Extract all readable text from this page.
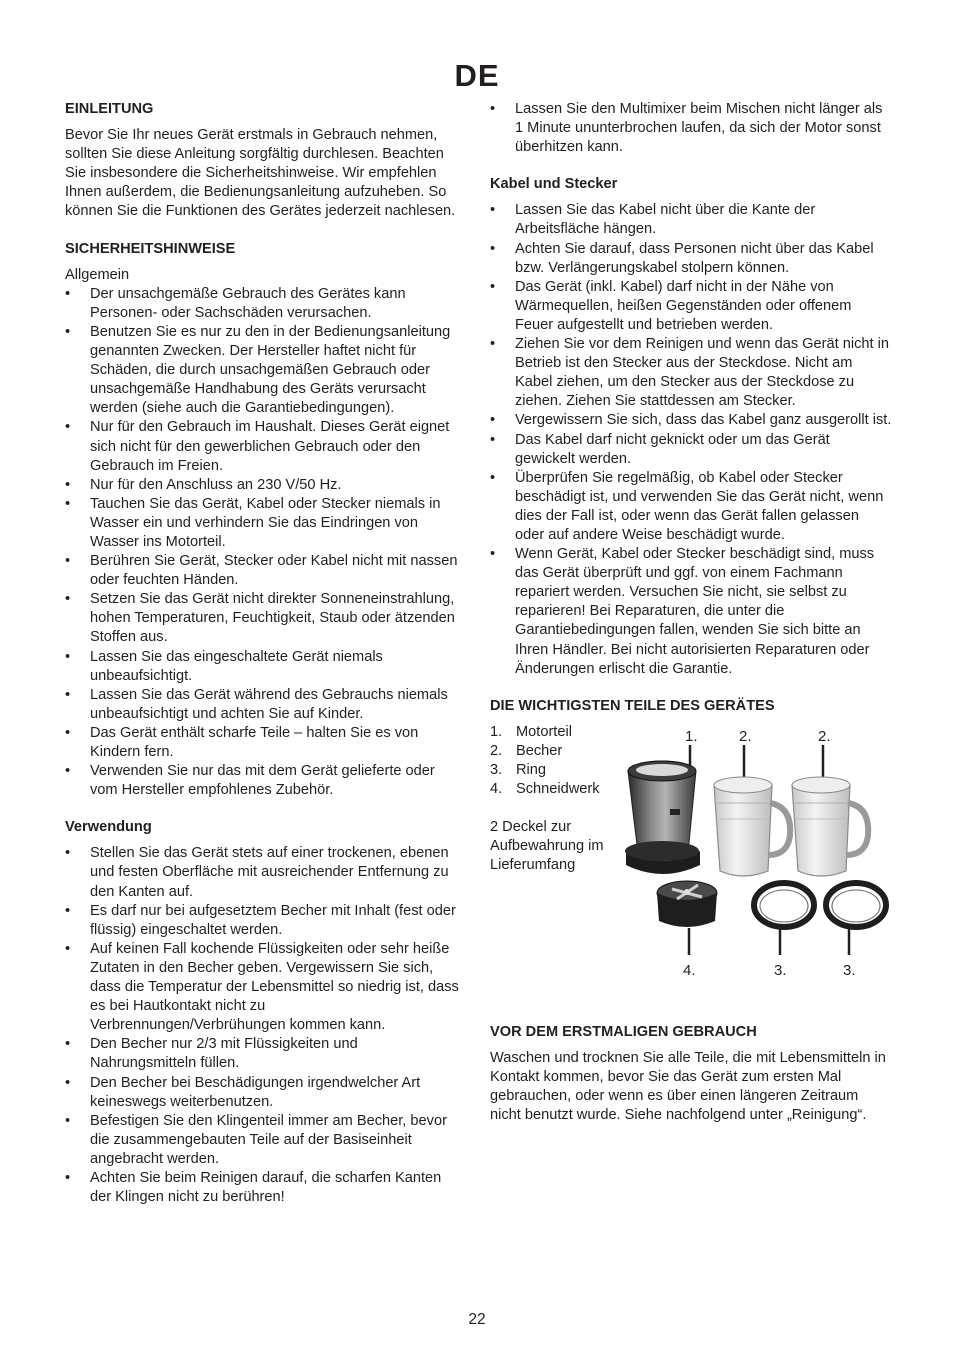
DE
EINLEITUNG

Bevor Sie Ihr neues Gerät erstmals in Gebrauch nehmen, sollten Sie diese Anleitung sorgfältig durchlesen. Beachten Sie insbesondere die Sicherheitshinweise. Wir empfehlen Ihnen außerdem, die Bedienungsanleitung aufzuheben. So können Sie die Funktionen des Gerätes jederzeit nachlesen.

SICHERHEITSHINWEISE

Allgemein

• Der unsachgemäße Gebrauch des Gerätes kann Personen- oder Sachschäden verursachen.
• Benutzen Sie es nur zu den in der Bedienungsanleitung genannten Zwecken. Der Hersteller haftet nicht für Schäden, die durch unsachgemäßen Gebrauch oder unsachgemäße Handhabung des Geräts verursacht werden (siehe auch die Garantiebedingungen).
• Nur für den Gebrauch im Haushalt. Dieses Gerät eignet sich nicht für den gewerblichen Gebrauch oder den Gebrauch im Freien.
• Nur für den Anschluss an 230 V/50 Hz.
• Tauchen Sie das Gerät, Kabel oder Stecker niemals in Wasser ein und verhindern Sie das Eindringen von Wasser ins Motorteil.
• Berühren Sie Gerät, Stecker oder Kabel nicht mit nassen oder feuchten Händen.
• Setzen Sie das Gerät nicht direkter Sonneneinstrahlung, hohen Temperaturen, Feuchtigkeit, Staub oder ätzenden Stoffen aus.
• Lassen Sie das eingeschaltete Gerät niemals unbeaufsichtigt.
• Lassen Sie das Gerät während des Gebrauchs niemals unbeaufsichtigt und achten Sie auf Kinder.
• Das Gerät enthält scharfe Teile – halten Sie es von Kindern fern.
• Verwenden Sie nur das mit dem Gerät gelieferte oder vom Hersteller empfohlenes Zubehör.
Verwendung
• Stellen Sie das Gerät stets auf einer trockenen, ebenen und festen Oberfläche mit ausreichender Entfernung zu den Kanten auf.
• Es darf nur bei aufgesetztem Becher mit Inhalt (fest oder flüssig) eingeschaltet werden.
• Auf keinen Fall kochende Flüssigkeiten oder sehr heiße Zutaten in den Becher geben. Vergewissern Sie sich, dass die Temperatur der Lebensmittel so niedrig ist, dass es bei Hautkontakt nicht zu Verbrennungen/Verbrühungen kommen kann.
• Den Becher nur 2/3 mit Flüssigkeiten und Nahrungsmitteln füllen.
• Den Becher bei Beschädigungen irgendwelcher Art keineswegs weiterbenutzen.
• Befestigen Sie den Klingenteil immer am Becher, bevor die zusammengebauten Teile auf der Basiseinheit angebracht werden.
• Achten Sie beim Reinigen darauf, die scharfen Kanten der Klingen nicht zu berühren!
• Lassen Sie den Multimixer beim Mischen nicht länger als 1 Minute ununterbrochen laufen, da sich der Motor sonst überhitzen kann.
Kabel und Stecker
• Lassen Sie das Kabel nicht über die Kante der Arbeitsfläche hängen.
• Achten Sie darauf, dass Personen nicht über das Kabel bzw. Verlängerungskabel stolpern können.
• Das Gerät (inkl. Kabel) darf nicht in der Nähe von Wärmequellen, heißen Gegenständen oder offenem Feuer aufgestellt und betrieben werden.
• Ziehen Sie vor dem Reinigen und wenn das Gerät nicht in Betrieb ist den Stecker aus der Steckdose. Nicht am Kabel ziehen, um den Stecker aus der Steckdose zu ziehen. Ziehen Sie stattdessen am Stecker.
• Vergewissern Sie sich, dass das Kabel ganz ausgerollt ist.
• Das Kabel darf nicht geknickt oder um das Gerät gewickelt werden.
• Überprüfen Sie regelmäßig, ob Kabel oder Stecker beschädigt ist, und verwenden Sie das Gerät nicht, wenn dies der Fall ist, oder wenn das Gerät fallen gelassen oder auf andere Weise beschädigt wurde.
• Wenn Gerät, Kabel oder Stecker beschädigt sind, muss das Gerät überprüft und ggf. von einem Fachmann repariert werden. Versuchen Sie nicht, sie selbst zu reparieren! Bei Reparaturen, die unter die Garantiebedingungen fallen, wenden Sie sich bitte an Ihren Händler. Bei nicht autorisierten Reparaturen oder Änderungen erlischt die Garantie.
DIE WICHTIGSTEN TEILE DES GERÄTES
1. Motorteil
2. Becher
3. Ring
4. Schneidwerk

2 Deckel zur Aufbewahrung im Lieferumfang

1.	2.	2.
4.	3.	3.
VOR DEM ERSTMALIGEN GEBRAUCH

Waschen und trocknen Sie alle Teile, die mit Lebensmitteln in Kontakt kommen, bevor Sie das Gerät zum ersten Mal gebrauchen, oder wenn es über einen längeren Zeitraum nicht benutzt wurde. Siehe nachfolgend unter „Reinigung“.

22
